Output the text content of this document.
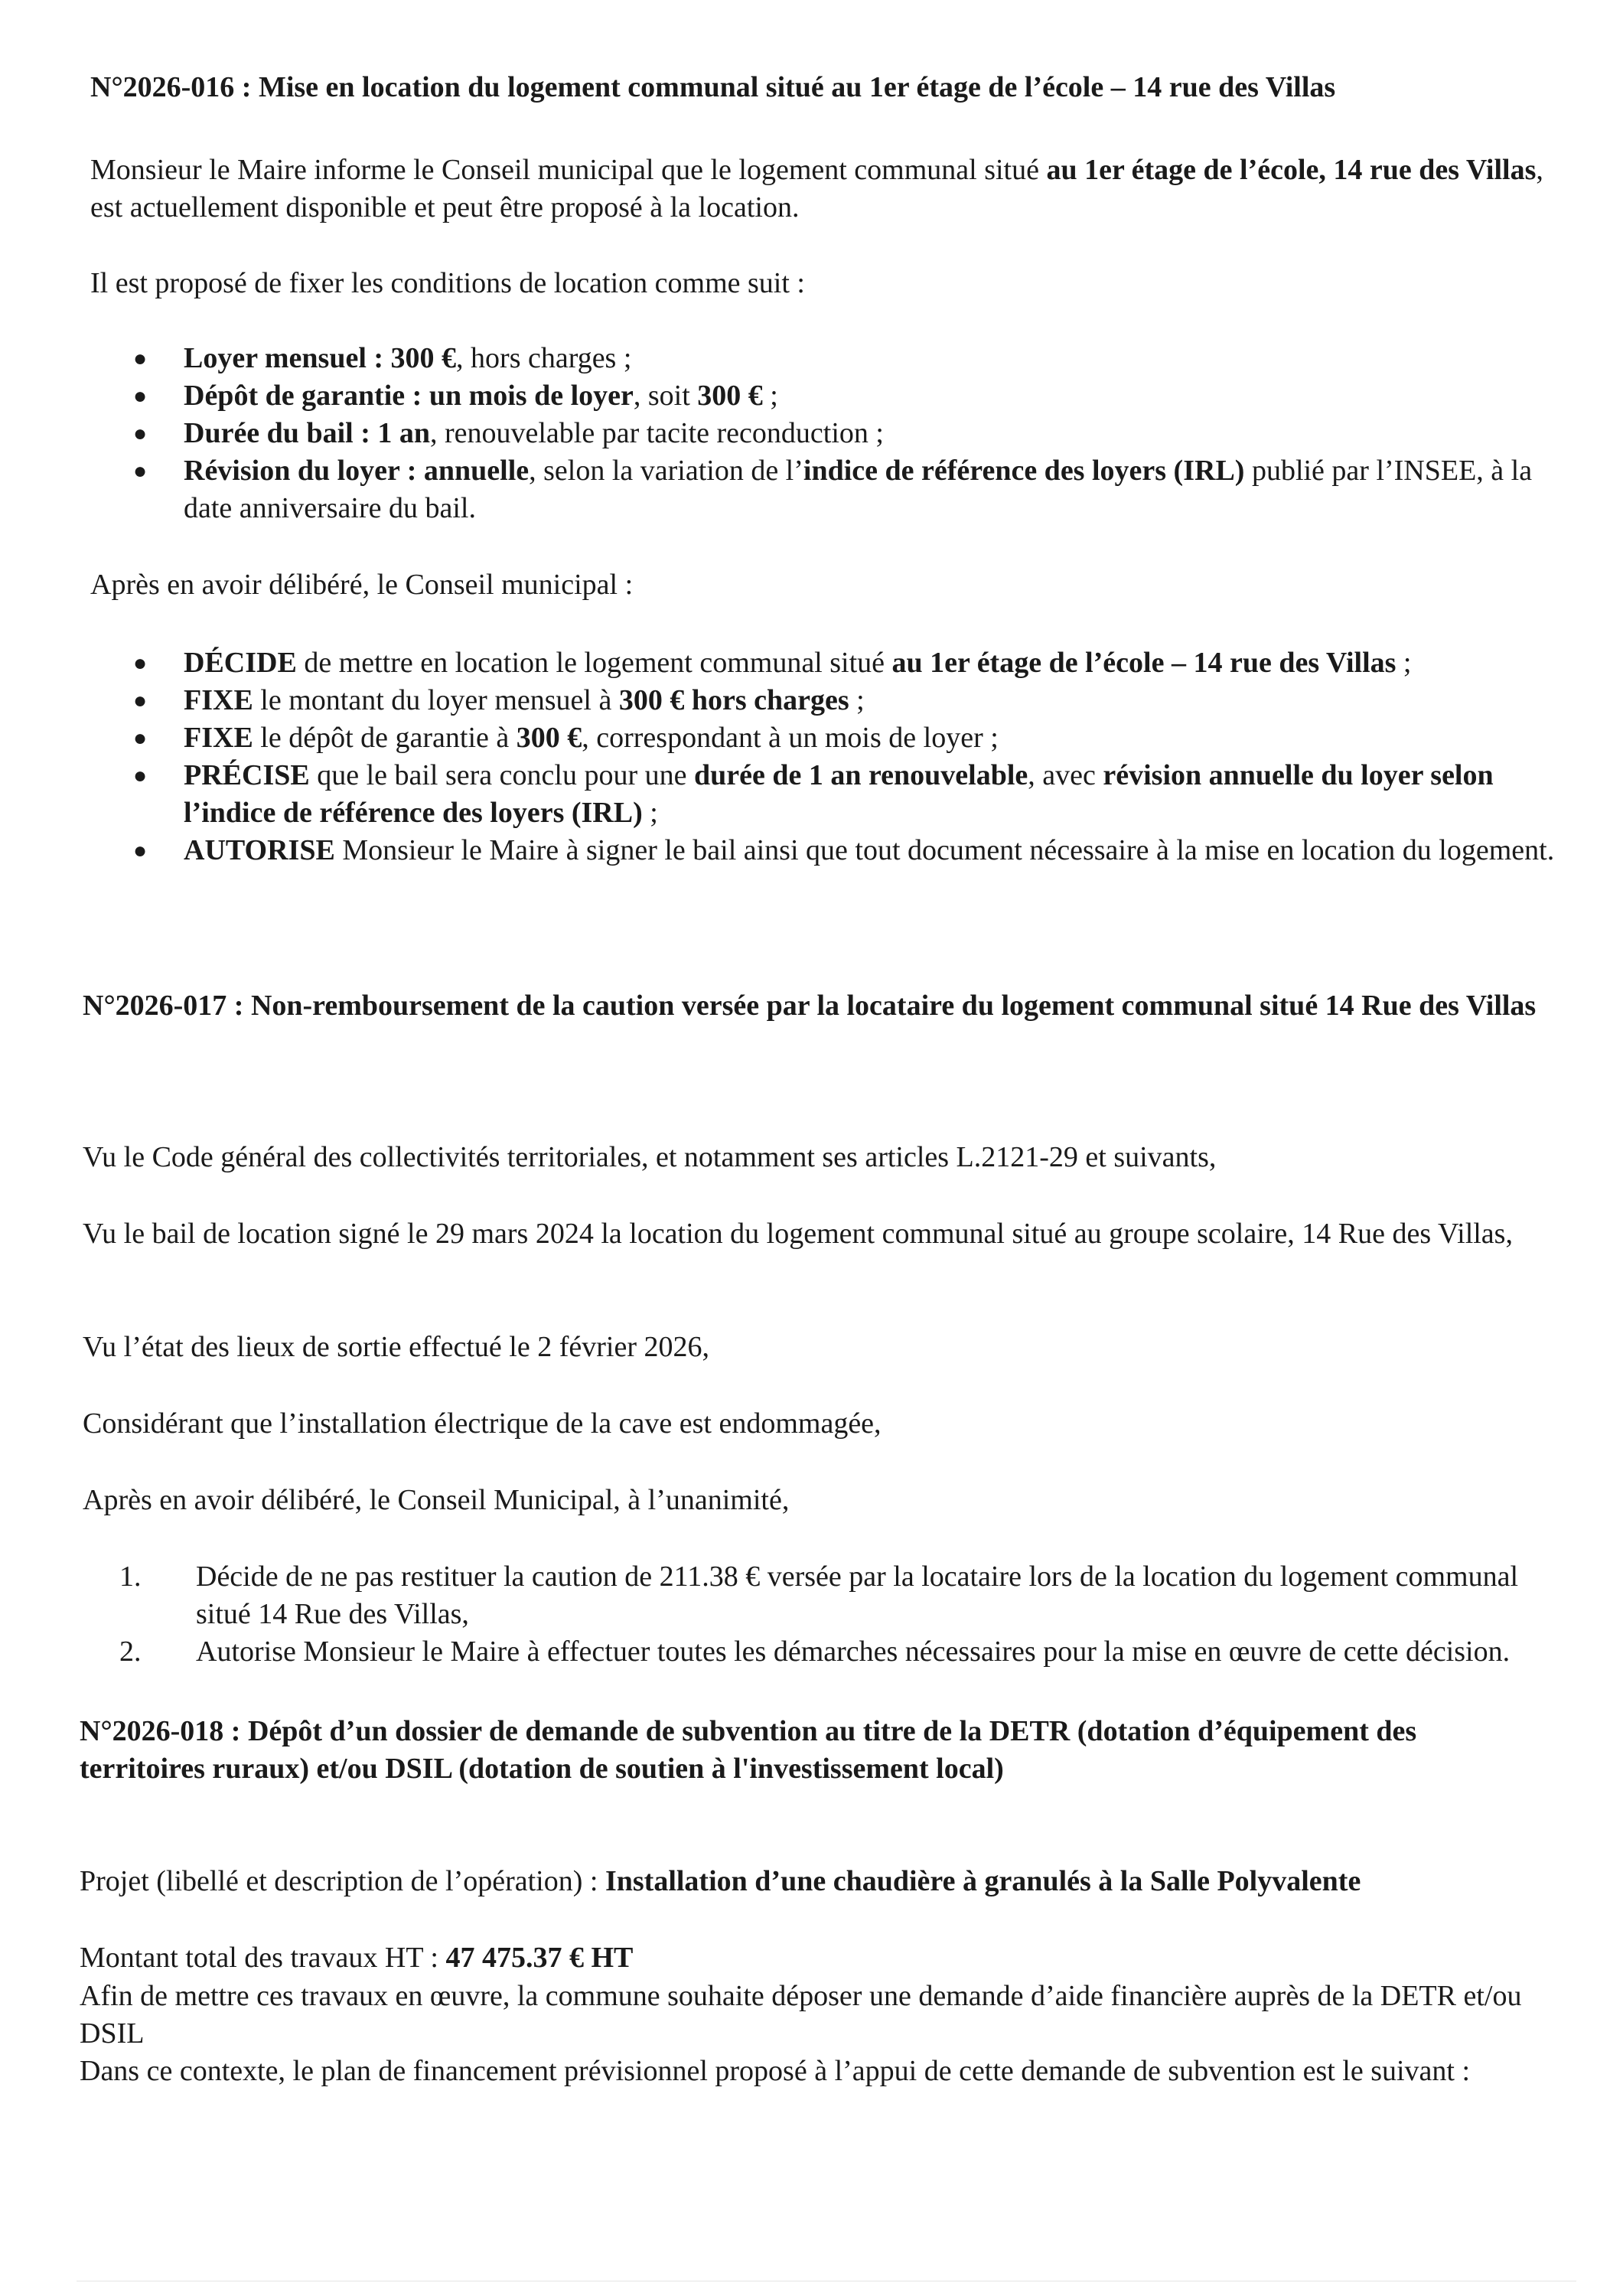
N°2026-016 : Mise en location du logement communal situé au 1er étage de l’école – 14 rue des Villas

Monsieur le Maire informe le Conseil municipal que le logement communal situé au 1er étage de l’école, 14 rue des Villas, est actuellement disponible et peut être proposé à la location.

Il est proposé de fixer les conditions de location comme suit :

● Loyer mensuel : 300 €, hors charges ;
● Dépôt de garantie : un mois de loyer, soit 300 € ;
● Durée du bail : 1 an, renouvelable par tacite reconduction ;
● Révision du loyer : annuelle, selon la variation de l’indice de référence des loyers (IRL) publié par l’INSEE, à la date anniversaire du bail.

Après en avoir délibéré, le Conseil municipal :

● DÉCIDE de mettre en location le logement communal situé au 1er étage de l’école – 14 rue des Villas ;
● FIXE le montant du loyer mensuel à 300 € hors charges ;
● FIXE le dépôt de garantie à 300 €, correspondant à un mois de loyer ;
● PRÉCISE que le bail sera conclu pour une durée de 1 an renouvelable, avec révision annuelle du loyer selon l’indice de référence des loyers (IRL) ;
● AUTORISE Monsieur le Maire à signer le bail ainsi que tout document nécessaire à la mise en location du logement.

N°2026-017 : Non-remboursement de la caution versée par la locataire du logement communal situé 14 Rue des Villas

Vu le Code général des collectivités territoriales, et notamment ses articles L.2121-29 et suivants,

Vu le bail de location signé le 29 mars 2024 la location du logement communal situé au groupe scolaire, 14 Rue des Villas,

Vu l’état des lieux de sortie effectué le 2 février 2026,

Considérant que l’installation électrique de la cave est endommagée,

Après en avoir délibéré, le Conseil Municipal, à l’unanimité,

1. Décide de ne pas restituer la caution de 211.38 € versée par la locataire lors de la location du logement communal situé 14 Rue des Villas,
2. Autorise Monsieur le Maire à effectuer toutes les démarches nécessaires pour la mise en œuvre de cette décision.

N°2026-018 : Dépôt d’un dossier de demande de subvention au titre de la DETR (dotation d’équipement des territoires ruraux) et/ou DSIL (dotation de soutien à l'investissement local)

Projet (libellé et description de l’opération) : Installation d’une chaudière à granulés à la Salle Polyvalente

Montant total des travaux HT : 47 475.37 € HT

Afin de mettre ces travaux en œuvre, la commune souhaite déposer une demande d’aide financière auprès de la DETR et/ou DSIL

Dans ce contexte, le plan de financement prévisionnel proposé à l’appui de cette demande de subvention est le suivant :
